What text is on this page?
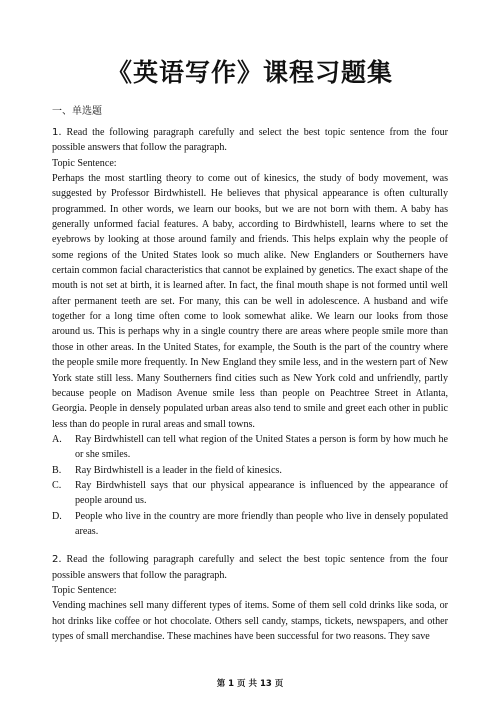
《英语写作》课程习题集
一、单选题
1. Read the following paragraph carefully and select the best topic sentence from the four possible answers that follow the paragraph.
Topic Sentence:
Perhaps the most startling theory to come out of kinesics, the study of body movement, was suggested by Professor Birdwhistell. He believes that physical appearance is often culturally programmed. In other words, we learn our books, but we are not born with them. A baby has generally unformed facial features. A baby, according to Birdwhistell, learns where to set the eyebrows by looking at those around family and friends. This helps explain why the people of some regions of the United States look so much alike. New Englanders or Southerners have certain common facial characteristics that cannot be explained by genetics. The exact shape of the mouth is not set at birth, it is learned after. In fact, the final mouth shape is not formed until well after permanent teeth are set. For many, this can be well in adolescence. A husband and wife together for a long time often come to look somewhat alike. We learn our looks from those around us. This is perhaps why in a single country there are areas where people smile more than those in other areas. In the United States, for example, the South is the part of the country where the people smile more frequently. In New England they smile less, and in the western part of New York state still less. Many Southerners find cities such as New York cold and unfriendly, partly because people on Madison Avenue smile less than people on Peachtree Street in Atlanta, Georgia. People in densely populated urban areas also tend to smile and greet each other in public less than do people in rural areas and small towns.
A.	Ray Birdwhistell can tell what region of the United States a person is form by how much he or she smiles.
B.	Ray Birdwhistell is a leader in the field of kinesics.
C.	Ray Birdwhistell says that our physical appearance is influenced by the appearance of people around us.
D.	People who live in the country are more friendly than people who live in densely populated areas.
2. Read the following paragraph carefully and select the best topic sentence from the four possible answers that follow the paragraph.
Topic Sentence:
Vending machines sell many different types of items. Some of them sell cold drinks like soda, or hot drinks like coffee or hot chocolate. Others sell candy, stamps, tickets, newspapers, and other types of small merchandise. These machines have been successful for two reasons. They save
第 1 页 共 13 页
